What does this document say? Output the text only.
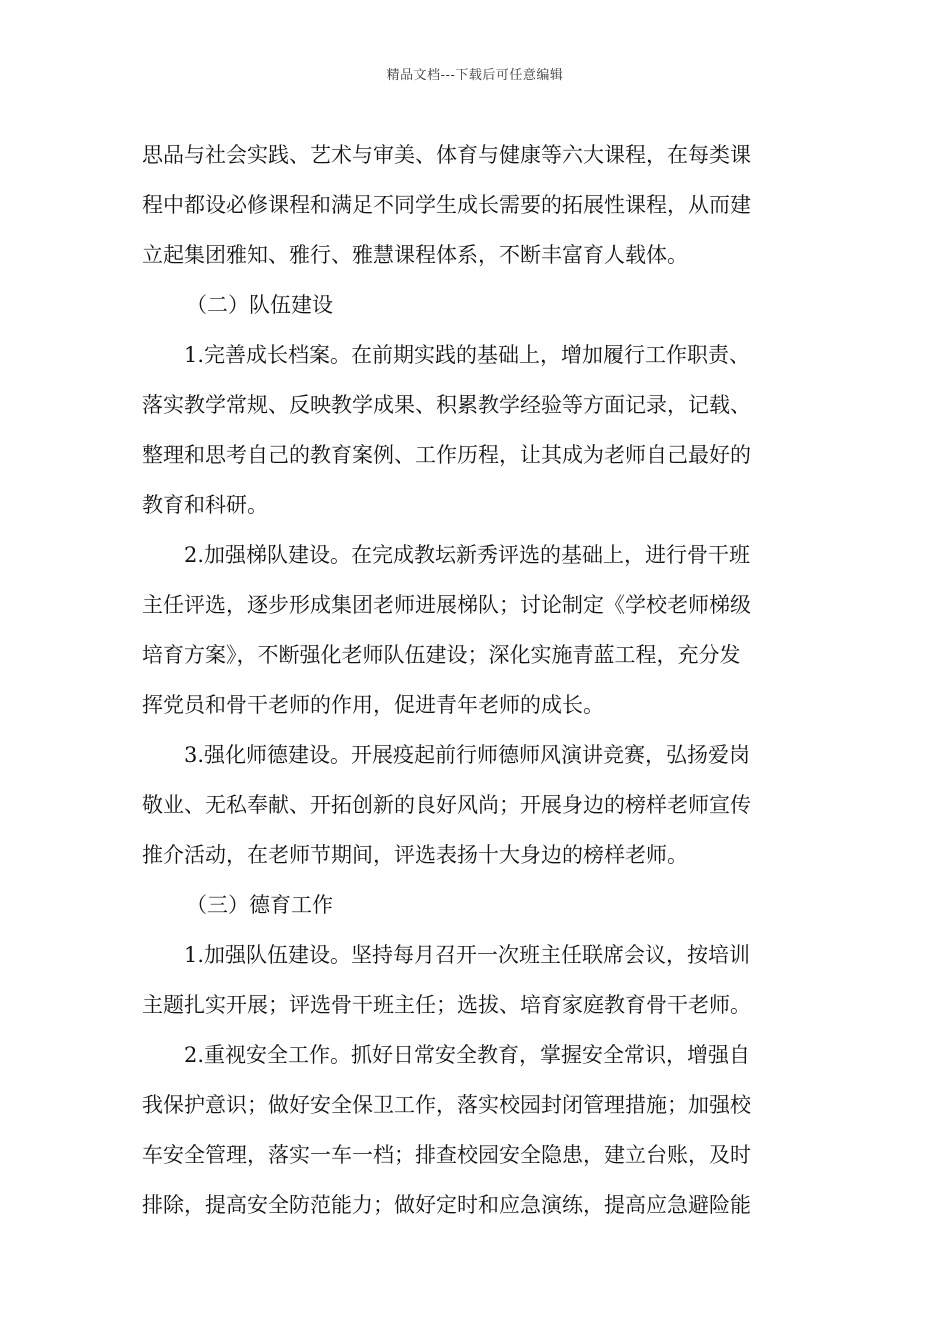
精品文档---下载后可任意编辑
思品与社会实践、艺术与审美、体育与健康等六大课程，在每类课
程中都设必修课程和满足不同学生成长需要的拓展性课程，从而建
立起集团雅知、雅行、雅慧课程体系，不断丰富育人载体。
（二）队伍建设
1.完善成长档案。在前期实践的基础上，增加履行工作职责、
落实教学常规、反映教学成果、积累教学经验等方面记录，记载、
整理和思考自己的教育案例、工作历程，让其成为老师自己最好的
教育和科研。
2.加强梯队建设。在完成教坛新秀评选的基础上，进行骨干班
主任评选，逐步形成集团老师进展梯队；讨论制定《学校老师梯级
培育方案》，不断强化老师队伍建设；深化实施青蓝工程，充分发
挥党员和骨干老师的作用，促进青年老师的成长。
3.强化师德建设。开展疫起前行师德师风演讲竞赛，弘扬爱岗
敬业、无私奉献、开拓创新的良好风尚；开展身边的榜样老师宣传
推介活动，在老师节期间，评选表扬十大身边的榜样老师。
（三）德育工作
1.加强队伍建设。坚持每月召开一次班主任联席会议，按培训
主题扎实开展；评选骨干班主任；选拔、培育家庭教育骨干老师。
2.重视安全工作。抓好日常安全教育，掌握安全常识，增强自
我保护意识；做好安全保卫工作，落实校园封闭管理措施；加强校
车安全管理，落实一车一档；排查校园安全隐患，建立台账，及时
排除，提高安全防范能力；做好定时和应急演练，提高应急避险能
